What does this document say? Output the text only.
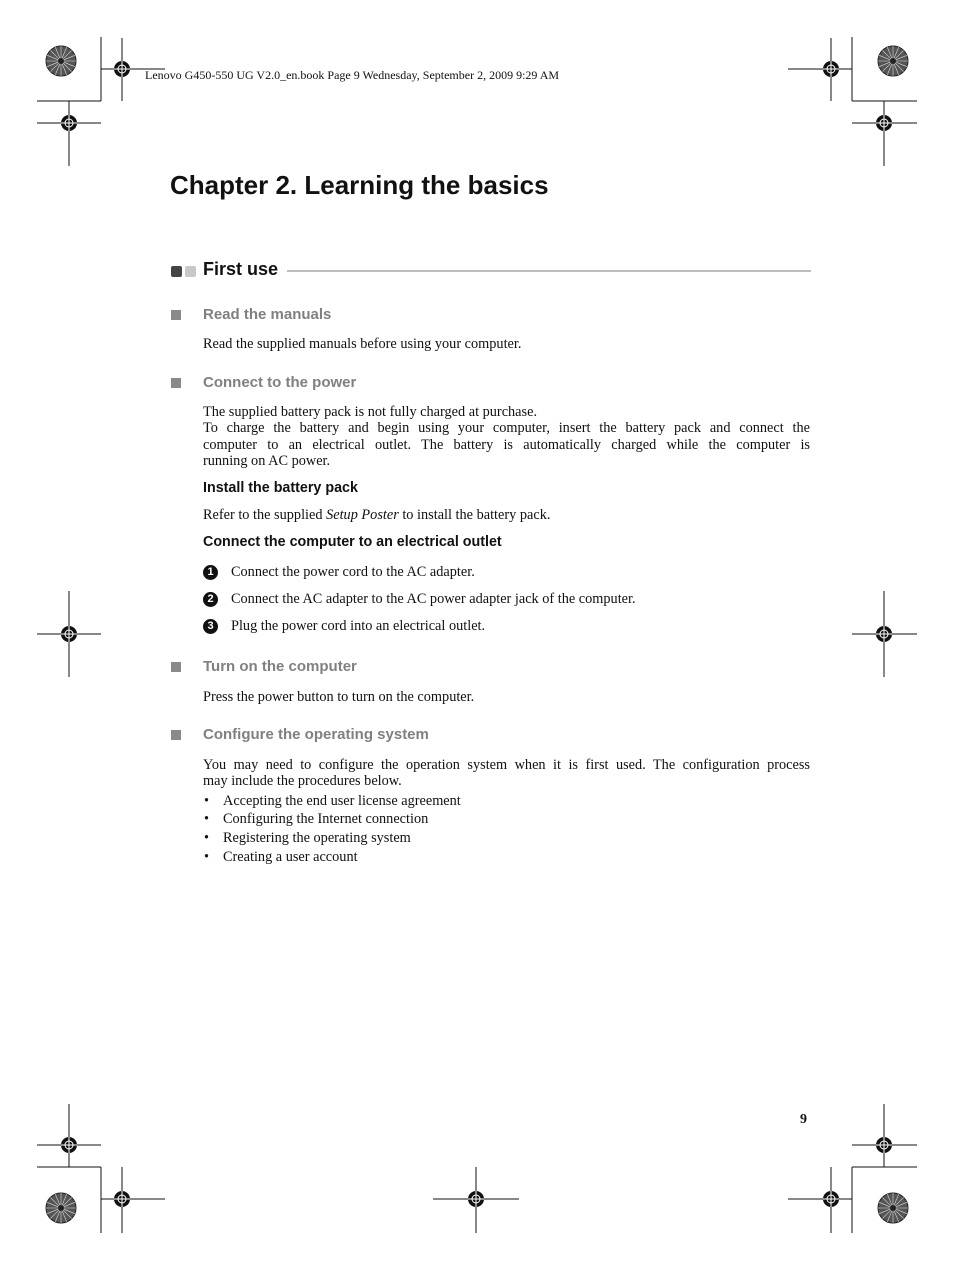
Lenovo G450-550 UG V2.0_en.book Page 9 Wednesday, September 2, 2009 9:29 AM
Chapter 2. Learning the basics
First use
Read the manuals
Read the supplied manuals before using your computer.
Connect to the power
The supplied battery pack is not fully charged at purchase.
To charge the battery and begin using your computer, insert the battery pack and connect the
computer to an electrical outlet. The battery is automatically charged while the computer is
running on AC power.
Install the battery pack
Refer to the supplied Setup Poster to install the battery pack.
Connect the computer to an electrical outlet
1	Connect the power cord to the AC adapter.
2	Connect the AC adapter to the AC power adapter jack of the computer.
3	Plug the power cord into an electrical outlet.
Turn on the computer
Press the power button to turn on the computer.
Configure the operating system
You may need to configure the operation system when it is first used. The configuration process
may include the procedures below.
• Accepting the end user license agreement
• Configuring the Internet connection
• Registering the operating system
• Creating a user account
9
